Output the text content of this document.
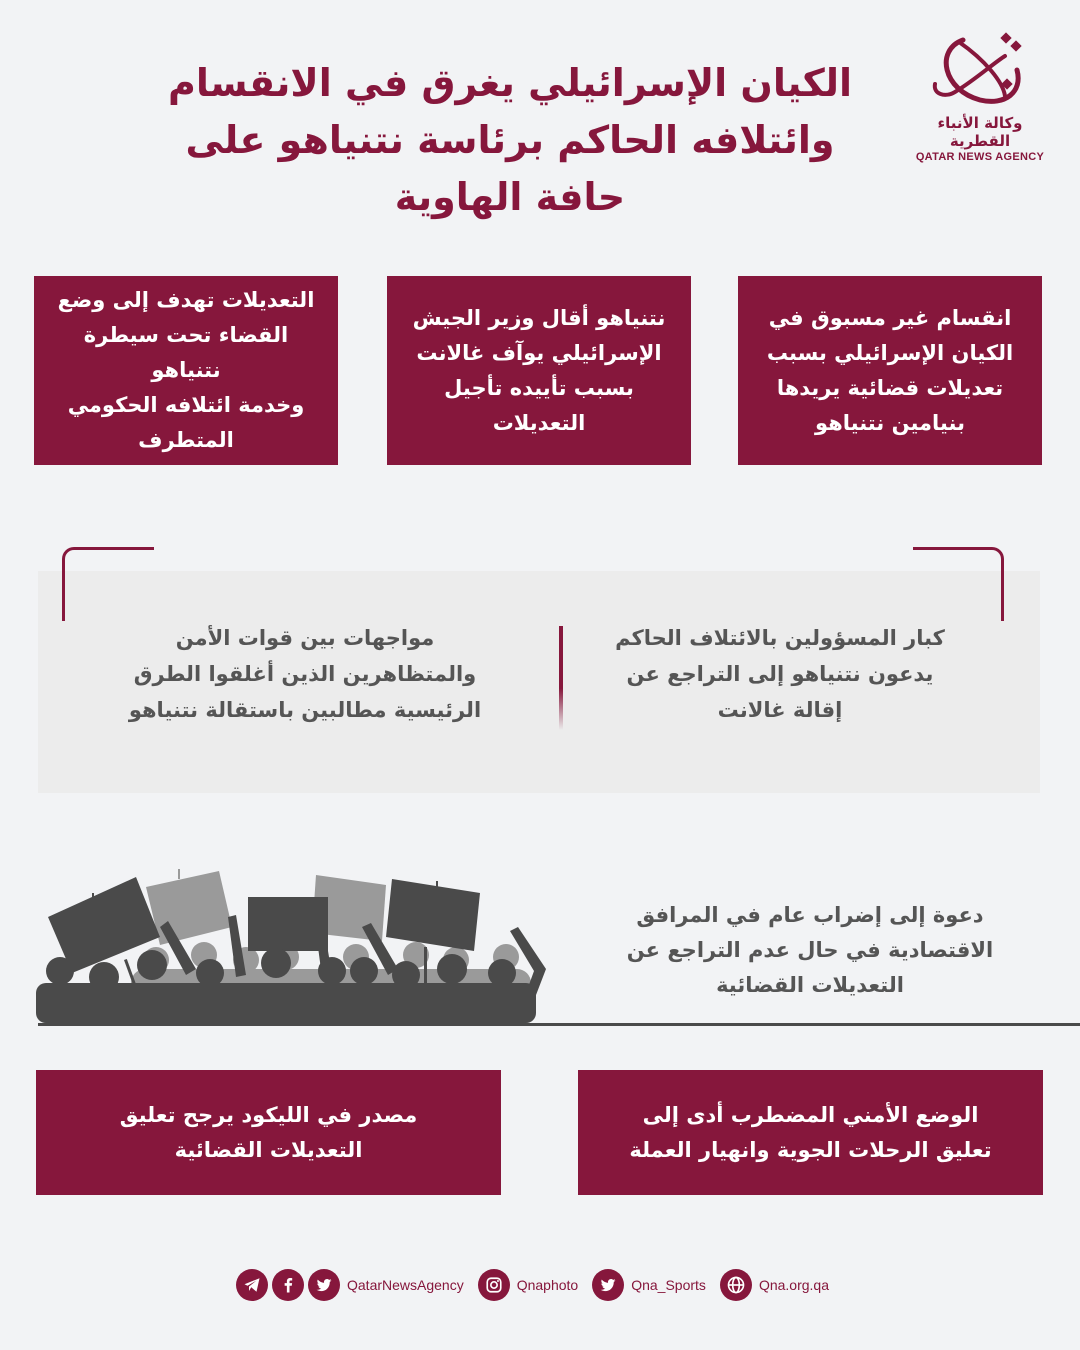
الكيان الإسرائيلي يغرق في الانقسام
وائتلافه الحاكم برئاسة نتنياهو على
حافة الهاوية
وكالة الأنباء القطرية
QATAR NEWS AGENCY
انقسام غير مسبوق في
الكيان الإسرائيلي بسبب
تعديلات قضائية يريدها
بنيامين نتنياهو
نتنياهو أقال وزير الجيش
الإسرائيلي يوآف غالانت
بسبب تأييده تأجيل
التعديلات
التعديلات تهدف إلى وضع
القضاء تحت سيطرة نتنياهو
وخدمة ائتلافه الحكومي
المتطرف
كبار المسؤولين بالائتلاف الحاكم
يدعون نتنياهو إلى التراجع عن
إقالة غالانت
مواجهات بين قوات الأمن
والمتظاهرين الذين أغلقوا الطرق
الرئيسية مطالبين باستقالة نتنياهو
دعوة إلى إضراب عام في المرافق
الاقتصادية في حال عدم التراجع عن
التعديلات القضائية
الوضع الأمني المضطرب أدى إلى
تعليق الرحلات الجوية وانهيار العملة
مصدر في الليكود يرجح تعليق
التعديلات القضائية
QatarNewsAgency	Qnaphoto	Qna_Sports	Qna.org.qa
